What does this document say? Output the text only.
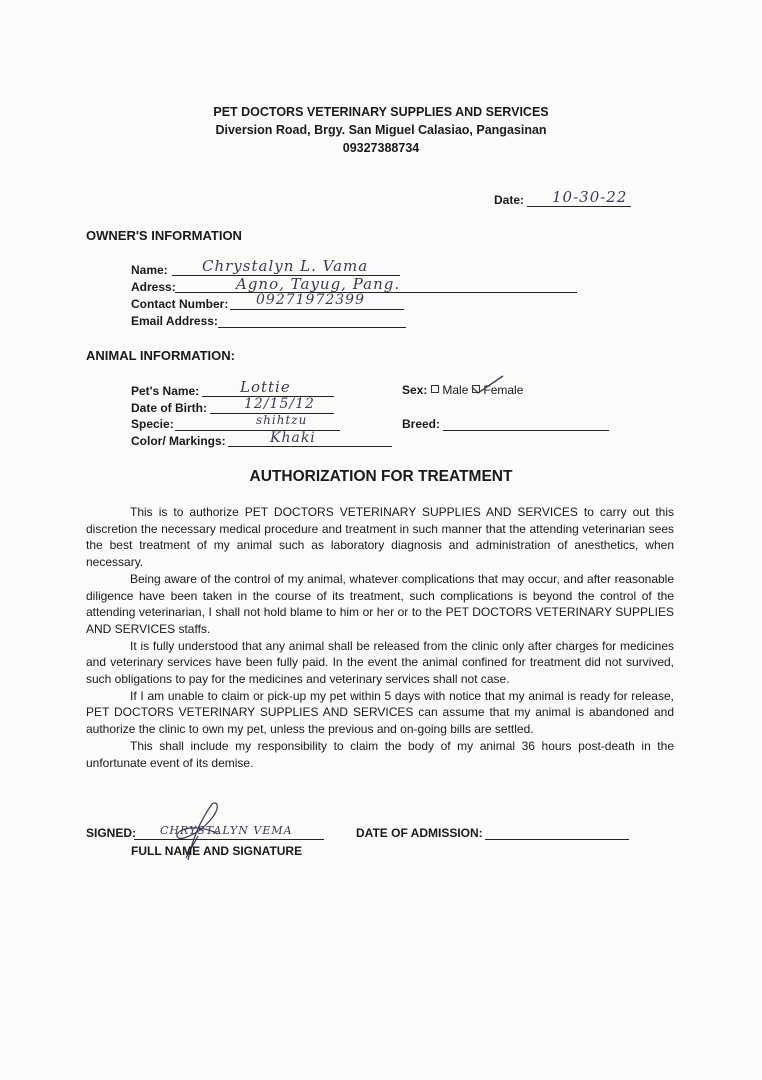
PET DOCTORS VETERINARY SUPPLIES AND SERVICES
Diversion Road, Brgy. San Miguel Calasiao, Pangasinan
09327388734
Date: 10-30-22
OWNER'S INFORMATION
Name: Chrystalyn L. Vama
Adress:	Agno, Tayug, Pang.
Contact Number: 09271972399
Email Address:
ANIMAL INFORMATION:
Pet's Name:	Lottie
Date of Birth:	12/15/12
Specie:	shihtzu
Color/ Markings:	Khaki
Sex: Male Female
Breed:
AUTHORIZATION FOR TREATMENT

This is to authorize PET DOCTORS VETERINARY SUPPLIES AND SERVICES to carry out this discretion the necessary medical procedure and treatment in such manner that the attending veterinarian sees the best treatment of my animal such as laboratory diagnosis and administration of anesthetics, when necessary.

Being aware of the control of my animal, whatever complications that may occur, and after reasonable diligence have been taken in the course of its treatment, such complications is beyond the control of the attending veterinarian, I shall not hold blame to him or her or to the PET DOCTORS VETERINARY SUPPLIES AND SERVICES staffs.

It is fully understood that any animal shall be released from the clinic only after charges for medicines and veterinary services have been fully paid. In the event the animal confined for treatment did not survived, such obligations to pay for the medicines and veterinary services shall not case.

If I am unable to claim or pick-up my pet within 5 days with notice that my animal is ready for release, PET DOCTORS VETERINARY SUPPLIES AND SERVICES can assume that my animal is abandoned and authorize the clinic to own my pet, unless the previous and on-going bills are settled.

This shall include my responsibility to claim the body of my animal 36 hours post-death in the unfortunate event of its demise.

SIGNED: CHRYSTALYN VEMA
FULL NAME AND SIGNATURE
DATE OF ADMISSION:
